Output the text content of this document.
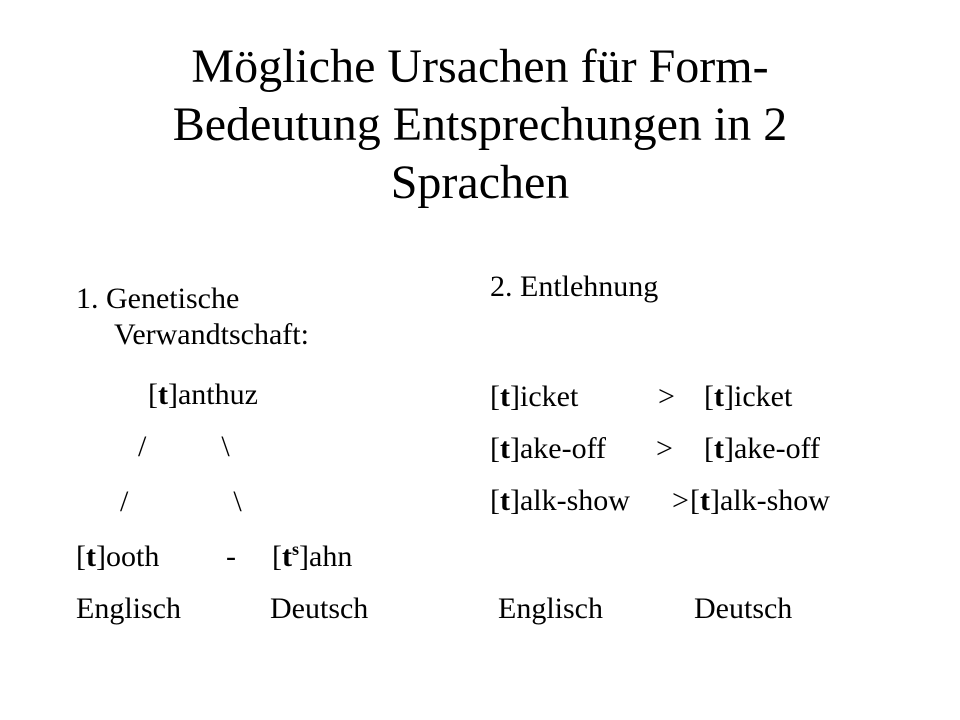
Mögliche Ursachen für Form-
Bedeutung Entsprechungen in 2
Sprachen
1. Genetische
Verwandtschaft:
[t]anthuz
/          \
/              \
[t]ooth - $[t^s]ahn$
Englisch	Deutsch
2. Entlehnung
[t]icket	> [t]icket
[t]ake-off > [t]ake-off
[t]alk-show > [t]alk-show
Englisch	Deutsch
